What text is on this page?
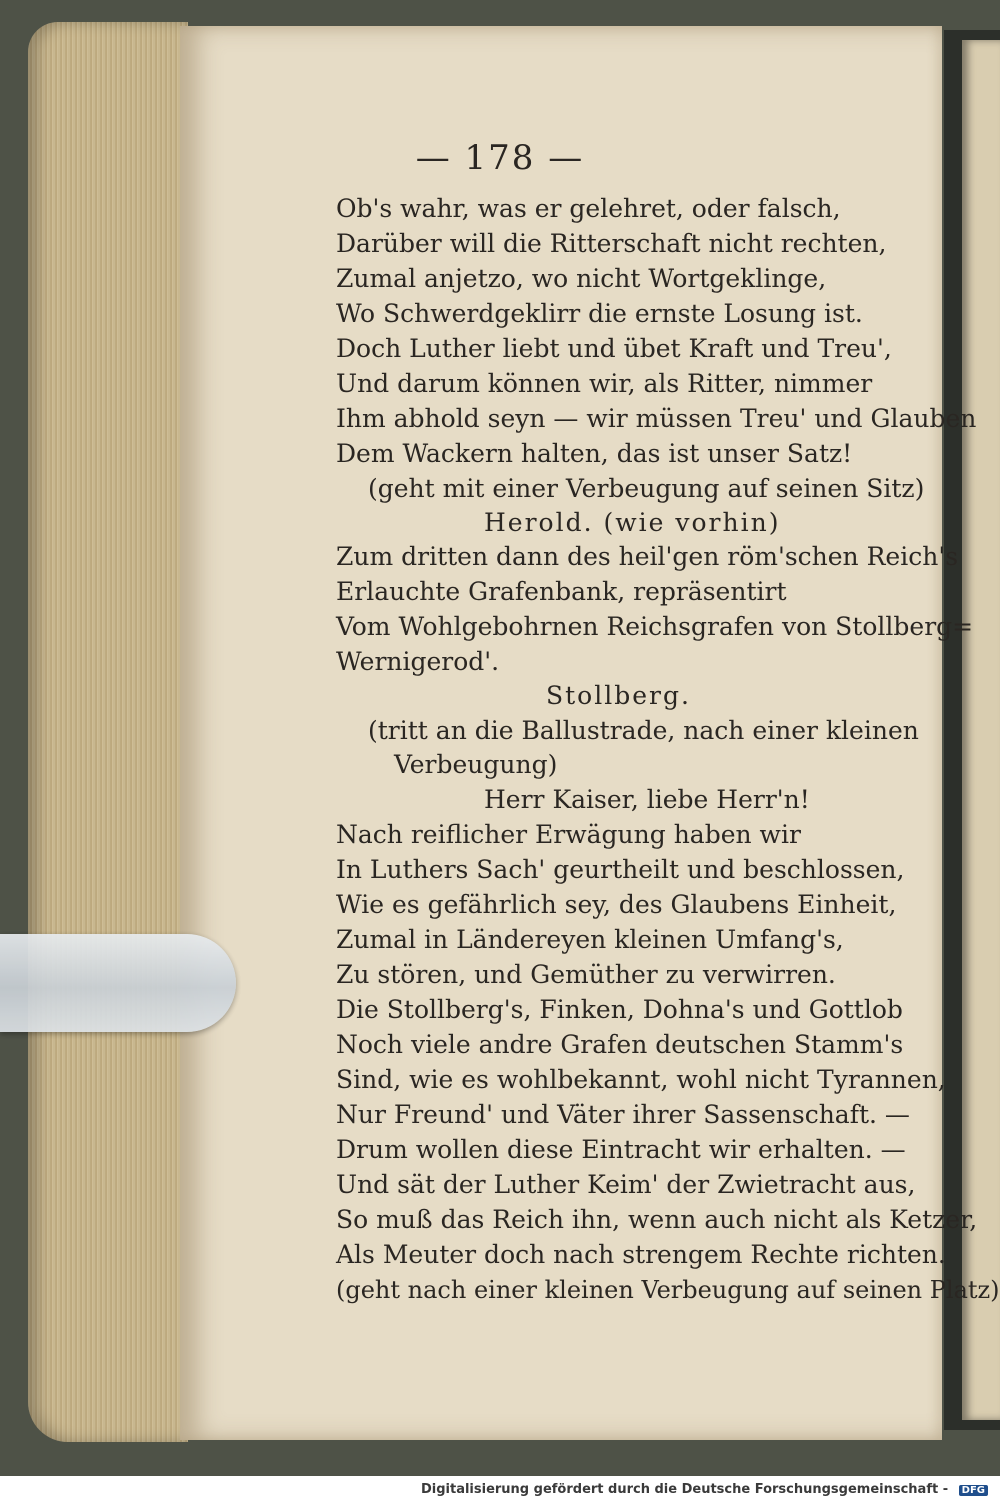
— 178 —
Ob's wahr, was er gelehret, oder falsch,
Darüber will die Ritterschaft nicht rechten,
Zumal anjetzo, wo nicht Wortgeklinge,
Wo Schwerdgeklirr die ernste Losung ist.
Doch Luther liebt und übet Kraft und Treu',
Und darum können wir, als Ritter, nimmer
Ihm abhold seyn — wir müssen Treu' und Glauben
Dem Wackern halten, das ist unser Satz!
(geht mit einer Verbeugung auf seinen Sitz)
Herold. (wie vorhin)
Zum dritten dann des heil'gen röm'schen Reich's
Erlauchte Grafenbank, repräsentirt
Vom Wohlgebohrnen Reichsgrafen von Stollberg=
Wernigerod'.
Stollberg.
(tritt an die Ballustrade, nach einer kleinen
Verbeugung)
Herr Kaiser, liebe Herr'n!
Nach reiflicher Erwägung haben wir
In Luthers Sach' geurtheilt und beschlossen,
Wie es gefährlich sey, des Glaubens Einheit,
Zumal in Ländereyen kleinen Umfang's,
Zu stören, und Gemüther zu verwirren.
Die Stollberg's, Finken, Dohna's und Gottlob
Noch viele andre Grafen deutschen Stamm's
Sind, wie es wohlbekannt, wohl nicht Tyrannen,
Nur Freund' und Väter ihrer Sassenschaft. —
Drum wollen diese Eintracht wir erhalten. —
Und sät der Luther Keim' der Zwietracht aus,
So muß das Reich ihn, wenn auch nicht als Ketzer,
Als Meuter doch nach strengem Rechte richten.
(geht nach einer kleinen Verbeugung auf seinen Platz)
Digitalisierung gefördert durch die Deutsche Forschungsgemeinschaft - DFG
